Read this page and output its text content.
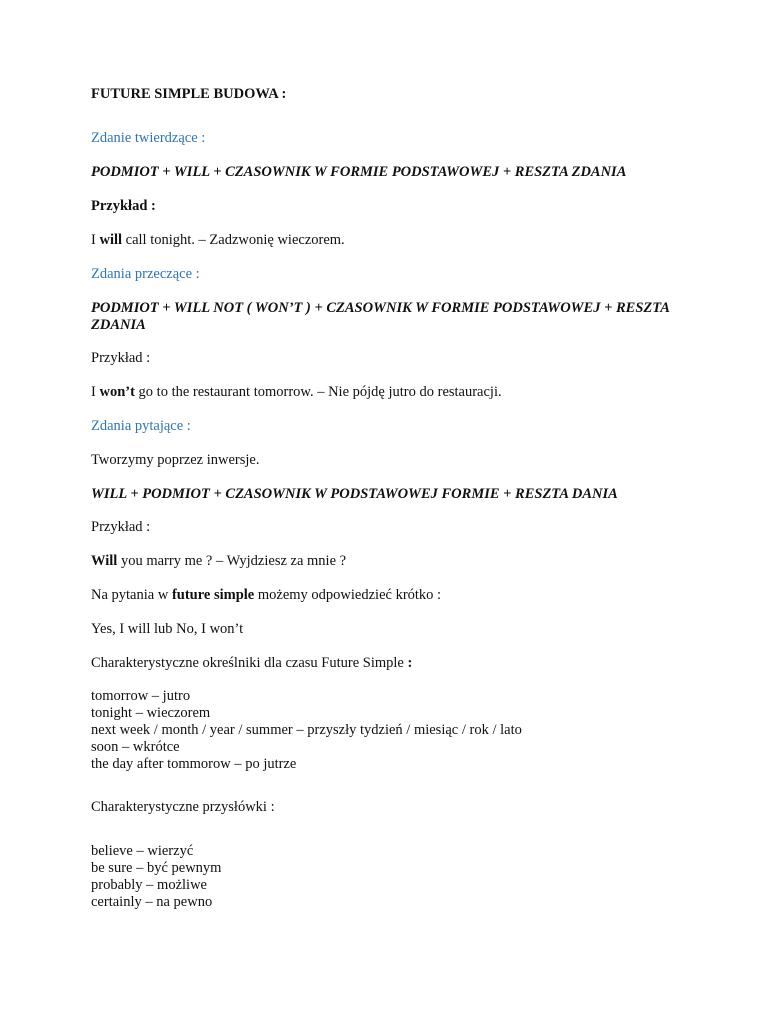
FUTURE SIMPLE BUDOWA :
Zdanie twierdzące :
PODMIOT + WILL + CZASOWNIK W FORMIE PODSTAWOWEJ + RESZTA ZDANIA
Przykład :
I will call tonight. – Zadzwonię wieczorem.
Zdania przeczące :
PODMIOT + WILL NOT ( WON’T ) + CZASOWNIK W FORMIE PODSTAWOWEJ + RESZTA ZDANIA
Przykład :
I won’t go to the restaurant tomorrow. – Nie pójdę jutro do restauracji.
Zdania pytające :
Tworzymy poprzez inwersje.
WILL + PODMIOT + CZASOWNIK W PODSTAWOWEJ FORMIE + RESZTA DANIA
Przykład :
Will you marry me ? – Wyjdziesz za mnie ?
Na pytania w future simple możemy odpowiedzieć krótko :
Yes, I will lub No, I won’t
Charakterystyczne określniki dla czasu Future Simple :
tomorrow – jutro
tonight – wieczorem
next week / month / year / summer – przyszły tydzień / miesiąc / rok / lato
soon – wkrótce
the day after tommorow – po jutrze
Charakterystyczne przysłówki :
believe – wierzyć
be sure – być pewnym
probably – możliwe
certainly – na pewno
